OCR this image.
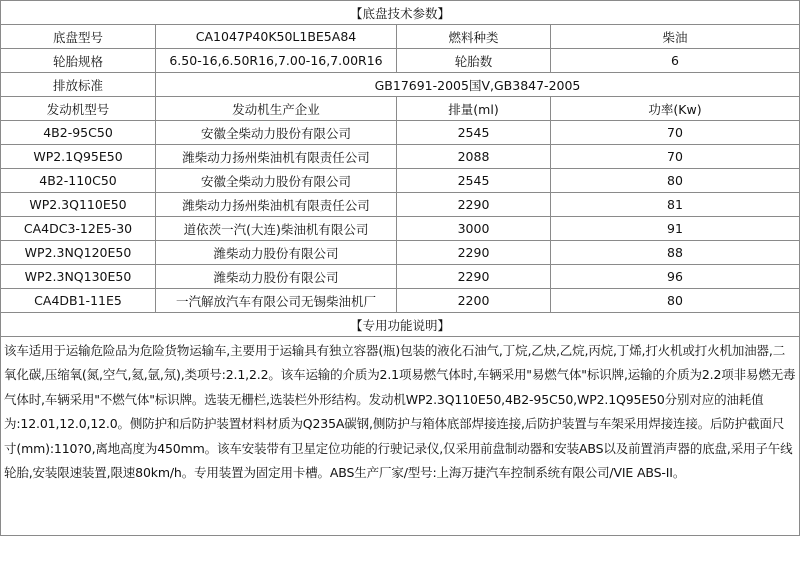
【底盘技术参数】			
底盘型号	CA1047P40K50L1BE5A84	燃料种类	柴油
轮胎规格	6.50-16,6.50R16,7.00-16,7.00R16	轮胎数	6
排放标准	GB17691-2005国Ⅴ,GB3847-2005		
发动机型号	发动机生产企业	排量(ml)	功率(Kw)
4B2-95C50	安徽全柴动力股份有限公司	2545	70
WP2.1Q95E50	潍柴动力扬州柴油机有限责任公司	2088	70
4B2-110C50	安徽全柴动力股份有限公司	2545	80
WP2.3Q110E50	潍柴动力扬州柴油机有限责任公司	2290	81
CA4DC3-12E5-30	道依茨一汽(大连)柴油机有限公司	3000	91
WP2.3NQ120E50	潍柴动力股份有限公司	2290	88
WP2.3NQ130E50	潍柴动力股份有限公司	2290	96
CA4DB1-11E5	一汽解放汽车有限公司无锡柴油机厂	2200	80
【专用功能说明】			

该车适用于运输危险品为危险货物运输车,主要用于运输具有独立容器(瓶)包装的液化石油气,丁烷,乙炔,乙烷,丙烷,丁烯,打火机或打火机加油器,二氧化碳,压缩氧(氮,空气,氦,氩,氖),类项号:2.1,2.2。该车运输的介质为2.1项易燃气体时,车辆采用"易燃气体"标识牌,运输的介质为2.2项非易燃无毒气体时,车辆采用"不燃气体"标识牌。选装无栅栏,选装栏外形结构。发动机WP2.3Q110E50,4B2-95C50,WP2.1Q95E50分别对应的油耗值为:12.01,12.0,12.0。侧防护和后防护装置材料材质为Q235A碳钢,侧防护与箱体底部焊接连接,后防护装置与车架采用焊接连接。后防护截面尺寸(mm):110?0,离地高度为450mm。该车安装带有卫星定位功能的行驶记录仪,仅采用前盘制动器和安装ABS以及前置消声器的底盘,采用子午线轮胎,安装限速装置,限速80km/h。专用装置为固定用卡槽。ABS生产厂家/型号:上海万捷汽车控制系统有限公司/VIE ABS-II。			
